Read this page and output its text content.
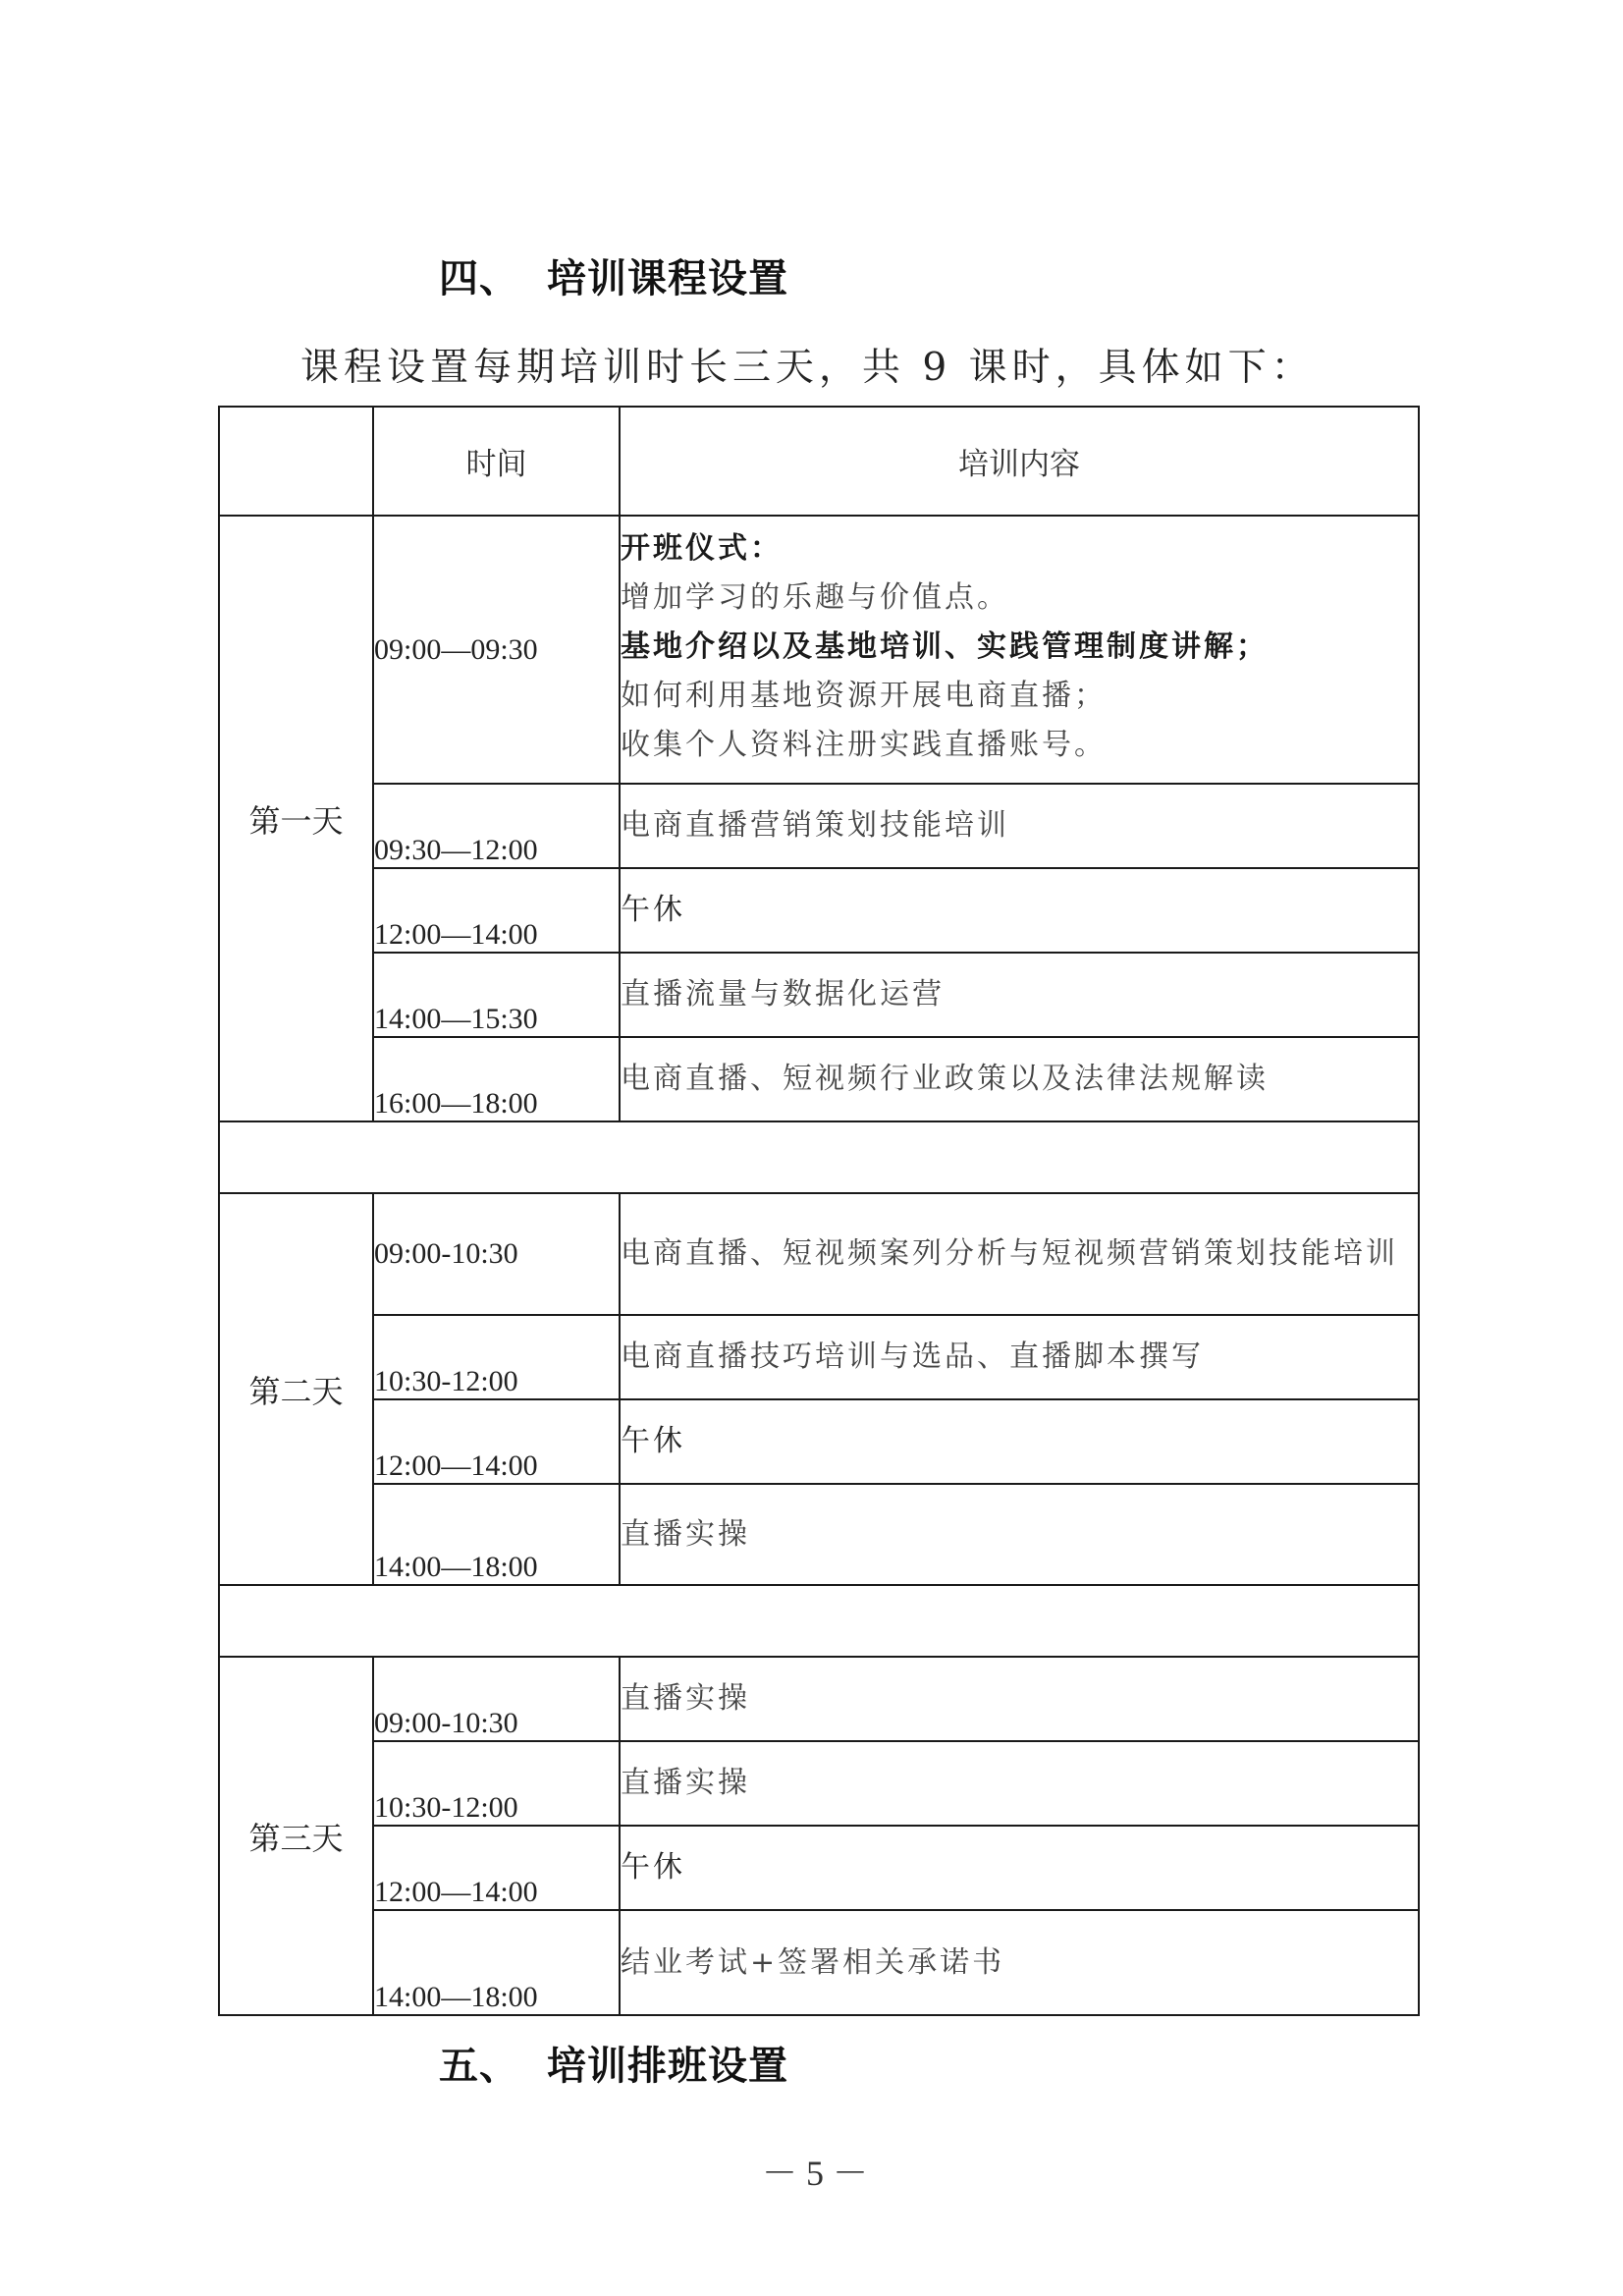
四、 培训课程设置
课程设置每期培训时长三天，共 9 课时，具体如下：
	时间	培训内容
第一天	09:00—09:30	开班仪式：
增加学习的乐趣与价值点。
基地介绍以及基地培训、实践管理制度讲解；
如何利用基地资源开展电商直播；
收集个人资料注册实践直播账号。

	09:30—12:00	电商直播营销策划技能培训
	12:00—14:00	午休
	14:00—15:30	直播流量与数据化运营
	16:00—18:00	电商直播、短视频行业政策以及法律法规解读

第二天	09:00-10:30	电商直播、短视频案列分析与短视频营销策划技能培训
	10:30-12:00	电商直播技巧培训与选品、直播脚本撰写
	12:00—14:00	午休
	14:00—18:00	直播实操

第三天	09:00-10:30	直播实操
	10:30-12:00	直播实操
	12:00—14:00	午休
	14:00—18:00	结业考试+签署相关承诺书
五、 培训排班设置
－ 5 －
